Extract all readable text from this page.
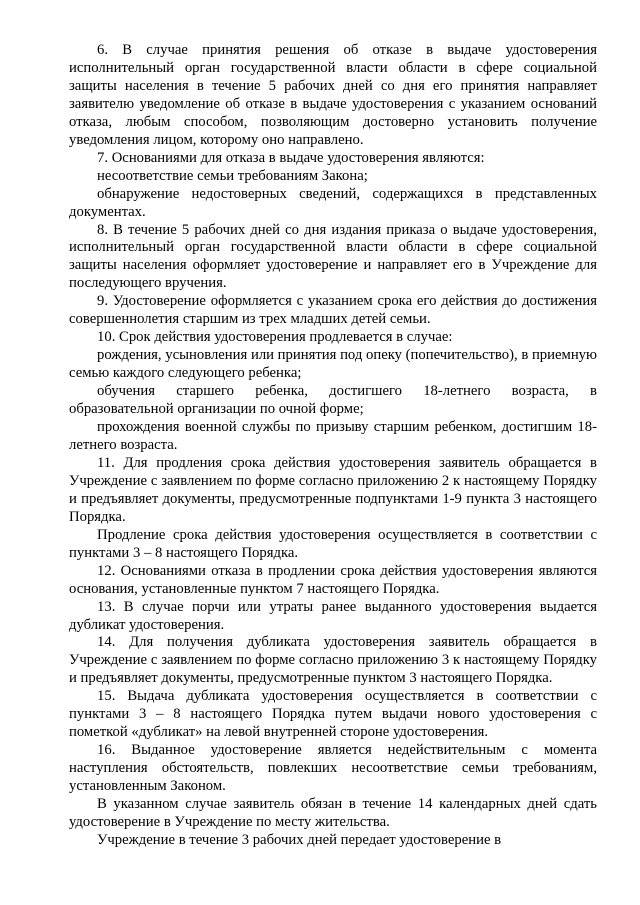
6. В случае принятия решения об отказе в выдаче удостоверения исполнительный орган государственной власти области в сфере социальной защиты населения в течение 5 рабочих дней со дня его принятия направляет заявителю уведомление об отказе в выдаче удостоверения с указанием оснований отказа, любым способом, позволяющим достоверно установить получение уведомления лицом, которому оно направлено.

7. Основаниями для отказа в выдаче удостоверения являются:

несоответствие семьи требованиям Закона;

обнаружение недостоверных сведений, содержащихся в представленных документах.

8. В течение 5 рабочих дней со дня издания приказа о выдаче удостоверения, исполнительный орган государственной власти области в сфере социальной защиты населения оформляет удостоверение и направляет его в Учреждение для последующего вручения.

9. Удостоверение оформляется с указанием срока его действия до достижения совершеннолетия старшим из трех младших детей семьи.

10. Срок действия удостоверения продлевается в случае:

рождения, усыновления или принятия под опеку (попечительство), в приемную семью каждого следующего ребенка;

обучения старшего ребенка, достигшего 18-летнего возраста, в образовательной организации по очной форме;

прохождения военной службы по призыву старшим ребенком, достигшим 18-летнего возраста.

11. Для продления срока действия удостоверения заявитель обращается в Учреждение с заявлением по форме согласно приложению 2 к настоящему Порядку и предъявляет документы, предусмотренные подпунктами 1-9 пункта 3 настоящего Порядка.

Продление срока действия удостоверения осуществляется в соответствии с пунктами 3 – 8 настоящего Порядка.

12. Основаниями отказа в продлении срока действия удостоверения являются основания, установленные пунктом 7 настоящего Порядка.

13. В случае порчи или утраты ранее выданного удостоверения выдается дубликат удостоверения.

14. Для получения дубликата удостоверения заявитель обращается в Учреждение с заявлением по форме согласно приложению 3 к настоящему Порядку и предъявляет документы, предусмотренные пунктом 3 настоящего Порядка.

15. Выдача дубликата удостоверения осуществляется в соответствии с пунктами 3 – 8 настоящего Порядка путем выдачи нового удостоверения с пометкой «дубликат» на левой внутренней стороне удостоверения.

16. Выданное удостоверение является недействительным с момента наступления обстоятельств, повлекших несоответствие семьи требованиям, установленным Законом.

В указанном случае заявитель обязан в течение 14 календарных дней сдать удостоверение в Учреждение по месту жительства.

Учреждение в течение 3 рабочих дней передает удостоверение в
